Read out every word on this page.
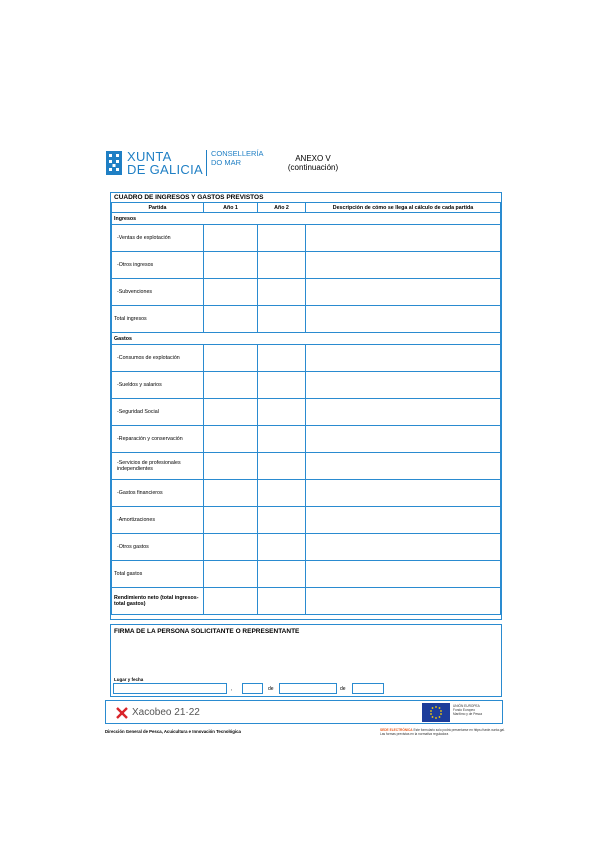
XUNTA
DE GALICIA
CONSELLERÍA
DO MAR	ANEXO V
(continuación)
CUADRO DE INGRESOS Y GASTOS PREVISTOS
Partida	Año 1	Año 2	Descripción de cómo se llega al cálculo de cada partida
Ingresos			
-Ventas de explotación			
-Otros ingresos			
-Subvenciones			
Total ingresos			
Gastos			
-Consumos de explotación			
-Sueldos y salarios			
-Seguridad Social			
-Reparación y conservación			
-Servicios de profesionales independientes			
-Gastos financieros			
-Amortizaciones			
-Otros gastos			
Total gastos			
Rendimiento neto (total ingresos-total gastos)			
FIRMA DE LA PERSONA SOLICITANTE O REPRESENTANTE
Lugar y fecha
,	de	de
Xacobeo 21·22
UNIÓN EUROPEA
Fondo Europeo
Marítimo y de Pesca
Dirección General de Pesca, Acuicultura e Innovación Tecnológica	SEDE ELECTRÓNICA Este formulario solo podrá presentarse en https://sede.xunta.gal. Las formas previstas en la normativa reguladora
